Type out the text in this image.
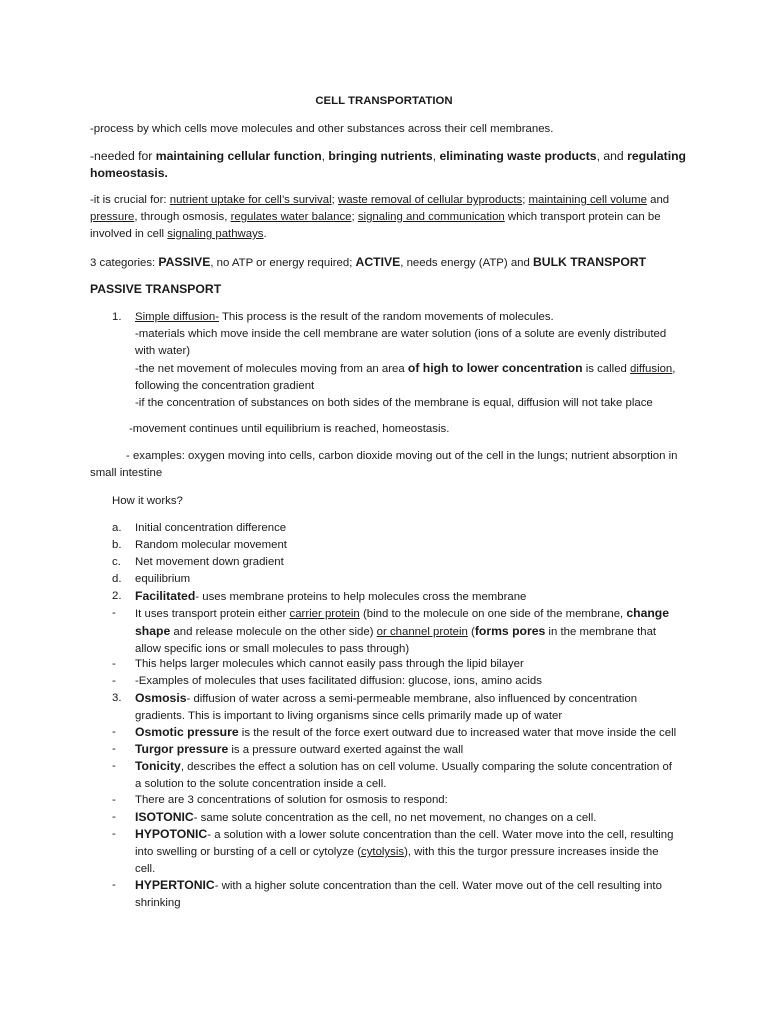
CELL TRANSPORTATION

-process by which cells move molecules and other substances across their cell membranes.

-needed for maintaining cellular function, bringing nutrients, eliminating waste products, and regulating homeostasis.

-it is crucial for: nutrient uptake for cell’s survival; waste removal of cellular byproducts; maintaining cell volume and pressure, through osmosis, regulates water balance; signaling and communication which transport protein can be involved in cell signaling pathways.

3 categories: PASSIVE, no ATP or energy required; ACTIVE, needs energy (ATP) and BULK TRANSPORT

PASSIVE TRANSPORT

1. Simple diffusion- This process is the result of the random movements of molecules.
-materials which move inside the cell membrane are water solution (ions of a solute are evenly distributed with water)
-the net movement of molecules moving from an area of high to lower concentration is called diffusion, following the concentration gradient
-if the concentration of substances on both sides of the membrane is equal, diffusion will not take place

-movement continues until equilibrium is reached, homeostasis.

- examples: oxygen moving into cells, carbon dioxide moving out of the cell in the lungs; nutrient absorption in small intestine

How it works?

a. Initial concentration difference
b. Random molecular movement
c. Net movement down gradient
d. equilibrium
2. Facilitated- uses membrane proteins to help molecules cross the membrane
- It uses transport protein either carrier protein (bind to the molecule on one side of the membrane, change shape and release molecule on the other side) or channel protein (forms pores in the membrane that allow specific ions or small molecules to pass through)
- This helps larger molecules which cannot easily pass through the lipid bilayer
- -Examples of molecules that uses facilitated diffusion: glucose, ions, amino acids
3. Osmosis- diffusion of water across a semi-permeable membrane, also influenced by concentration gradients. This is important to living organisms since cells primarily made up of water
- Osmotic pressure is the result of the force exert outward due to increased water that move inside the cell
- Turgor pressure is a pressure outward exerted against the wall
- Tonicity, describes the effect a solution has on cell volume. Usually comparing the solute concentration of a solution to the solute concentration inside a cell.
- There are 3 concentrations of solution for osmosis to respond:
- ISOTONIC- same solute concentration as the cell, no net movement, no changes on a cell.
- HYPOTONIC- a solution with a lower solute concentration than the cell. Water move into the cell, resulting into swelling or bursting of a cell or cytolyze (cytolysis), with this the turgor pressure increases inside the cell.
- HYPERTONIC- with a higher solute concentration than the cell. Water move out of the cell resulting into shrinking
